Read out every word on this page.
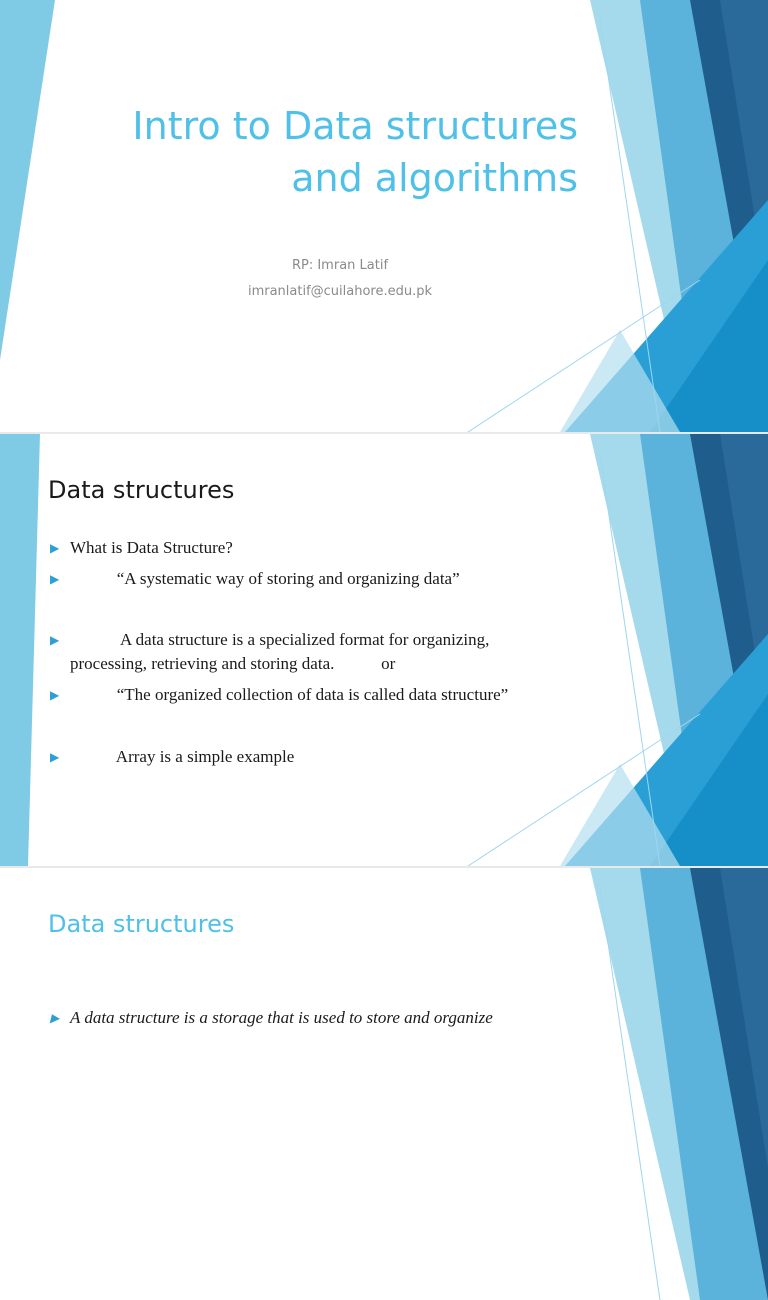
Intro to Data structures
and algorithms
RP: Imran Latif
imranlatif@cuilahore.edu.pk
Data structures
▶ What is Data Structure?
▶ “A systematic way of storing and organizing data”
▶ A data structure is a specialized format for organizing,
processing, retrieving and storing data.           or
▶ “The organized collection of data is called data structure”
▶ Array is a simple example
Data structures
▶ A data structure is a storage that is used to store and organize
